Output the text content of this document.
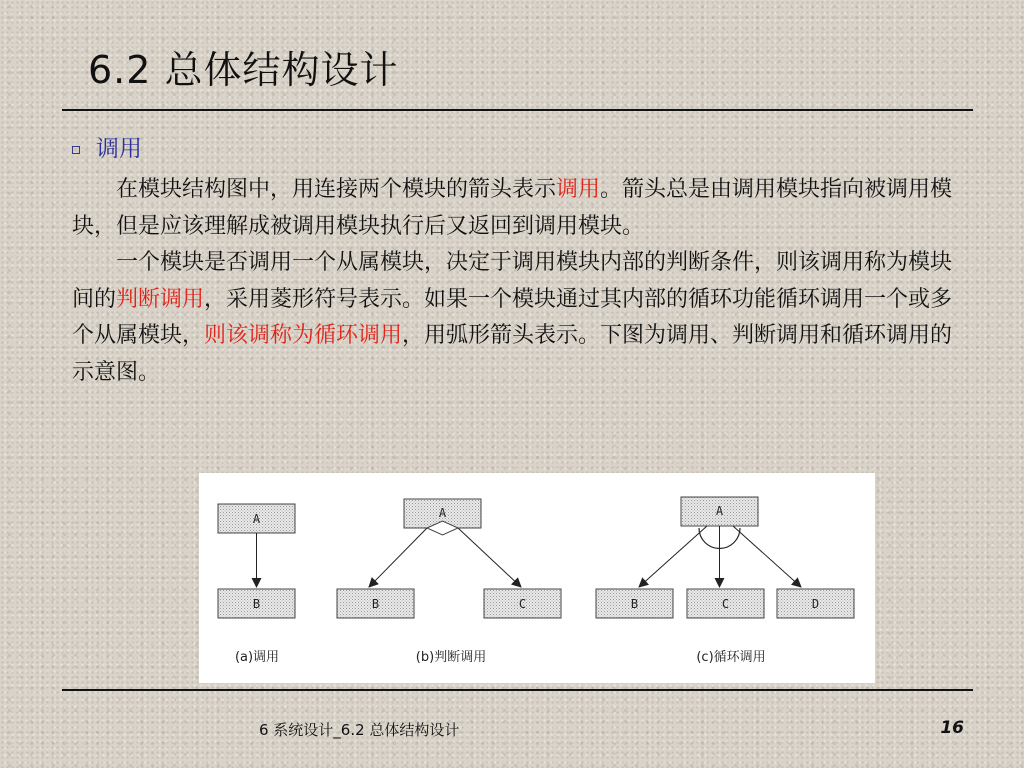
6.2 总体结构设计
调用

在模块结构图中，用连接两个模块的箭头表示调用。箭头总是由调用模块指向被调用模块，但是应该理解成被调用模块执行后又返回到调用模块。

一个模块是否调用一个从属模块，决定于调用模块内部的判断条件，则该调用称为模块间的判断调用，采用菱形符号表示。如果一个模块通过其内部的循环功能循环调用一个或多个从属模块，则该调称为循环调用，用弧形箭头表示。下图为调用、判断调用和循环调用的示意图。

A
B
(a)调用
A
B	C
(b)判断调用
A
B	C	D
(c)循环调用
6 系统设计_6.2 总体结构设计	16
